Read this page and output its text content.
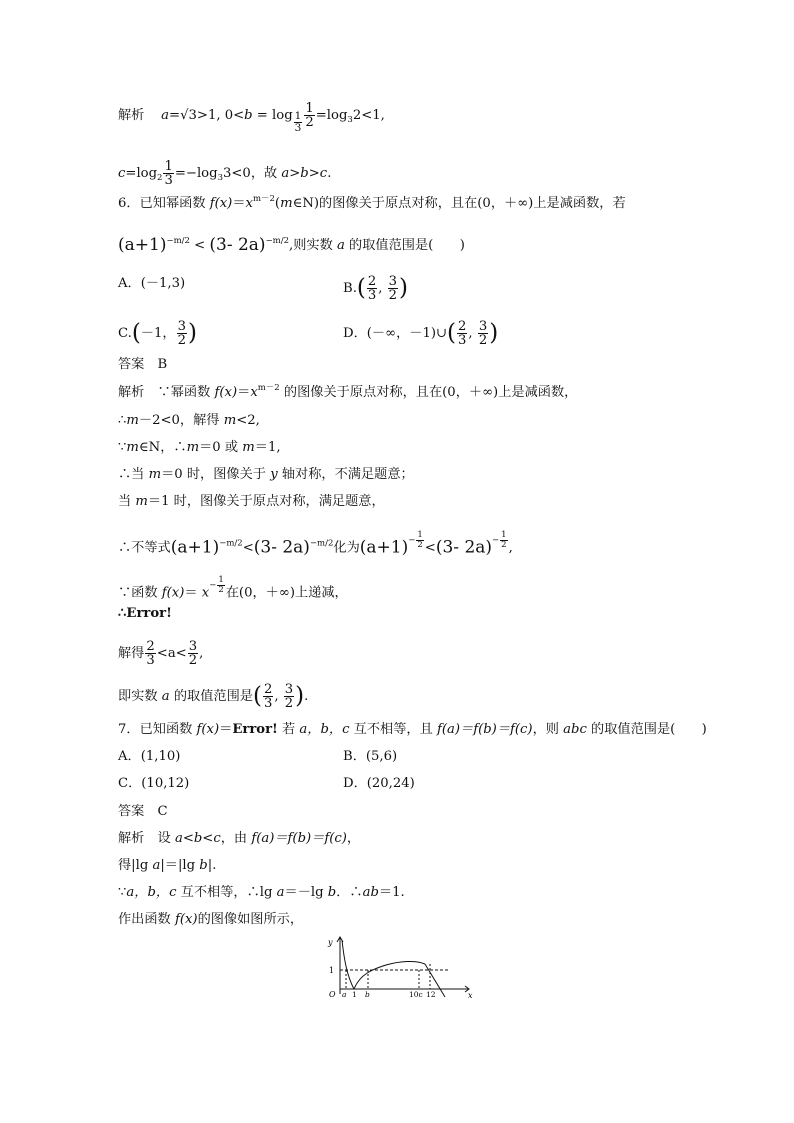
解析 a=√3>1, $0<b = \log \frac{1}{3} \frac{1}{2} =\log_32<1$,
$c=\log_2 \frac{1}{3} =-\log_33<0$，故 a>b>c.
6．已知幂函数 $f(x)=x^{m-2}(m\in N)$的图像关于原点对称，且在(0，＋∞)上是减函数，若
$(a+1)^{-m/2} < (3-$ 2a)$^{-m/2}$,则实数 a 的取值范围是(　　)
A．(－1,3)	$B.( \frac{2}{3}$ , $\frac{3}{2}$ )
C.(－1， $\frac{3}{2}$ )	D．(－∞，－1)∪( $\frac{2}{3}$ , $\frac{3}{2}$ )
答案　B
解析　∵幂函数 $f(x)=x^{m-2}$ 的图像关于原点对称，且在(0，＋∞)上是减函数，
∴m－2<0，解得 m<2,
∵m∈N，∴m＝0 或 m＝1,
∴当 m＝0 时，图像关于 y 轴对称，不满足题意；
当 m＝1 时，图像关于原点对称，满足题意，
∴不等式$(a+1)^{-m/2}<(3-$ 2a)$^{-m/2}$化为$(a+1)- \frac{1}{2} <(3-$ $2a)- \frac{1}{2}$ ,
∵函数 $f(x)= x- \frac{1}{2}$ 在(0，＋∞)上递减，
∴Error!
解得 $\frac{2}{3} <a< \frac{3}{2}$ ,
即实数 a 的取值范围是( $\frac{2}{3}$ , $\frac{3}{2}$ ).
7．已知函数 f(x)＝Error! 若 a，b，c 互不相等，且 f(a)＝f(b)＝f(c)，则 abc 的取值范围是(　　)
A．(1,10)	B．(5,6)
C．(10,12)	D．(20,24)
答案　C
解析　设 a<b<c，由 f(a)＝f(b)＝f(c)，
得|lg a|＝|lg b|.
∵a，b，c 互不相等，∴lg a＝－lg b．∴ab＝1.
作出函数 f(x)的图像如图所示，
y
x
O
1
a 1 b	10c 12
